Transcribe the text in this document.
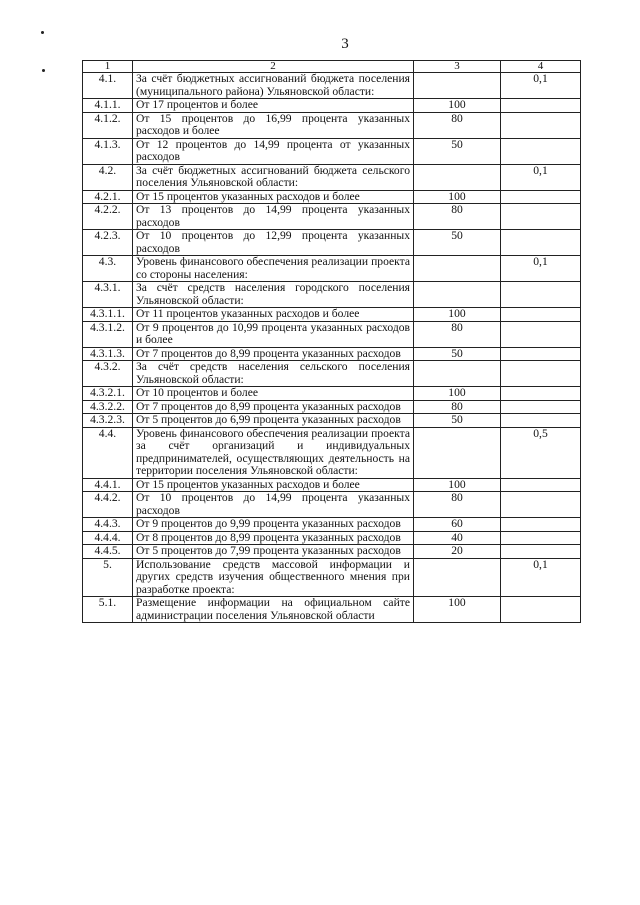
3
1	2	3	4
4.1.	За счёт бюджетных ассигнований бюджета поселения (муниципального района) Ульяновской области:		0,1
4.1.1.	От 17 процентов и более	100	
4.1.2.	От 15 процентов до 16,99 процента указанных расходов и более	80	
4.1.3.	От 12 процентов до 14,99 процента от указанных расходов	50	
4.2.	За счёт бюджетных ассигнований бюджета сельского поселения Ульяновской области:		0,1
4.2.1.	От 15 процентов указанных расходов и более	100	
4.2.2.	От 13 процентов до 14,99 процента указанных расходов	80	
4.2.3.	От 10 процентов до 12,99 процента указанных расходов	50	
4.3.	Уровень финансового обеспечения реализации проекта со стороны населения:		0,1
4.3.1.	За счёт средств населения городского поселения Ульяновской области:		
4.3.1.1.	От 11 процентов указанных расходов и более	100	
4.3.1.2.	От 9 процентов до 10,99 процента указанных расходов и более	80	
4.3.1.3.	От 7 процентов до 8,99 процента указанных расходов	50	
4.3.2.	За счёт средств населения сельского поселения Ульяновской области:		
4.3.2.1.	От 10 процентов и более	100	
4.3.2.2.	От 7 процентов до 8,99 процента указанных расходов	80	
4.3.2.3.	От 5 процентов до 6,99 процента указанных расходов	50	
4.4.	Уровень финансового обеспечения реализации проекта за счёт организаций и индивидуальных предпринимателей, осуществляющих деятельность на территории поселения Ульяновской области:		0,5
4.4.1.	От 15 процентов указанных расходов и более	100	
4.4.2.	От 10 процентов до 14,99 процента указанных расходов	80	
4.4.3.	От 9 процентов до 9,99 процента указанных расходов	60	
4.4.4.	От 8 процентов до 8,99 процента указанных расходов	40	
4.4.5.	От 5 процентов до 7,99 процента указанных расходов	20	
5.	Использование средств массовой информации и других средств изучения общественного мнения при разработке проекта:		0,1
5.1.	Размещение информации на официальном сайте администрации поселения Ульяновской области	100	
